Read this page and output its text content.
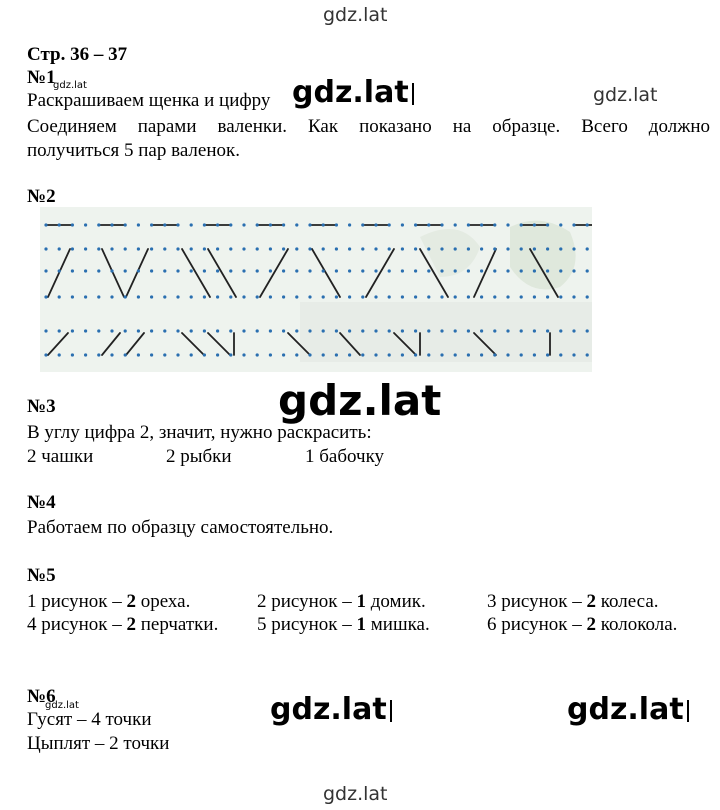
gdz.lat
Стр. 36 – 37
№1
gdz.lat
Раскрашиваем щенка и цифру gdz.lat	gdz.lat
Соединяем парами валенки. Как показано на образце. Всего должно
получиться 5 пар валенок.
№2
№3	gdz.lat
В углу цифра 2, значит, нужно раскрасить:
2 чашки	2 рыбки	1 бабочку
№4
Работаем по образцу самостоятельно.
№5
1 рисунок – 2 ореха.	2 рисунок – 1 домик.	3 рисунок – 2 колеса.
4 рисунок – 2 перчатки. 5 рисунок – 1 мишка.	6 рисунок – 2 колокола.
№6
gdz.lat
Гусят – 4 точки
Цыплят – 2 точки
gdz.lat	gdz.lat
gdz.lat
